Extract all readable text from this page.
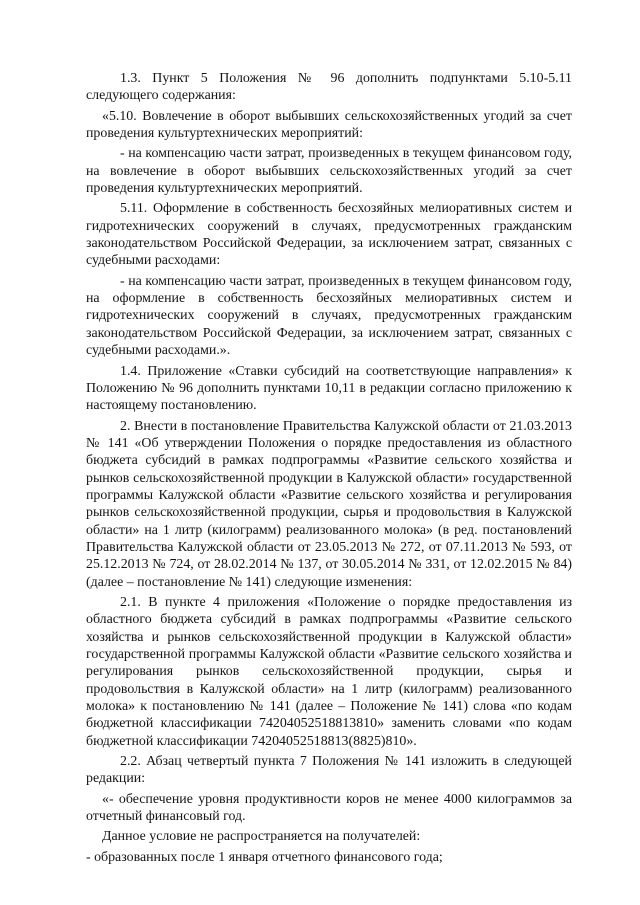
1.3. Пункт 5 Положения № 96 дополнить подпунктами 5.10-5.11 следующего содержания:

«5.10. Вовлечение в оборот выбывших сельскохозяйственных угодий за счет проведения культуртехнических мероприятий:

- на компенсацию части затрат, произведенных в текущем финансовом году, на вовлечение в оборот выбывших сельскохозяйственных угодий за счет проведения культуртехнических мероприятий.

5.11. Оформление в собственность бесхозяйных мелиоративных систем и гидротехнических сооружений в случаях, предусмотренных гражданским законодательством Российской Федерации, за исключением затрат, связанных с судебными расходами:

- на компенсацию части затрат, произведенных в текущем финансовом году, на оформление в собственность бесхозяйных мелиоративных систем и гидротехнических сооружений в случаях, предусмотренных гражданским законодательством Российской Федерации, за исключением затрат, связанных с судебными расходами.».

1.4. Приложение «Ставки субсидий на соответствующие направления» к Положению № 96 дополнить пунктами 10,11 в редакции согласно приложению к настоящему постановлению.

2. Внести в постановление Правительства Калужской области от 21.03.2013 № 141 «Об утверждении Положения о порядке предоставления из областного бюджета субсидий в рамках подпрограммы «Развитие сельского хозяйства и рынков сельскохозяйственной продукции в Калужской области» государственной программы Калужской области «Развитие сельского хозяйства и регулирования рынков сельскохозяйственной продукции, сырья и продовольствия в Калужской области» на 1 литр (килограмм) реализованного молока» (в ред. постановлений Правительства Калужской области от 23.05.2013 № 272, от 07.11.2013 № 593, от 25.12.2013 № 724, от 28.02.2014 № 137, от 30.05.2014 № 331, от 12.02.2015 № 84) (далее – постановление № 141) следующие изменения:

2.1. В пункте 4 приложения «Положение о порядке предоставления из областного бюджета субсидий в рамках подпрограммы «Развитие сельского хозяйства и рынков сельскохозяйственной продукции в Калужской области» государственной программы Калужской области «Развитие сельского хозяйства и регулирования рынков сельскохозяйственной продукции, сырья и продовольствия в Калужской области» на 1 литр (килограмм) реализованного молока» к постановлению № 141 (далее – Положение № 141) слова «по кодам бюджетной классификации 74204052518813810» заменить словами «по кодам бюджетной классификации 74204052518813(8825)810».

2.2. Абзац четвертый пункта 7 Положения № 141 изложить в следующей редакции:

«- обеспечение уровня продуктивности коров не менее 4000 килограммов за отчетный финансовый год.

Данное условие не распространяется на получателей:

- образованных после 1 января отчетного финансового года;
